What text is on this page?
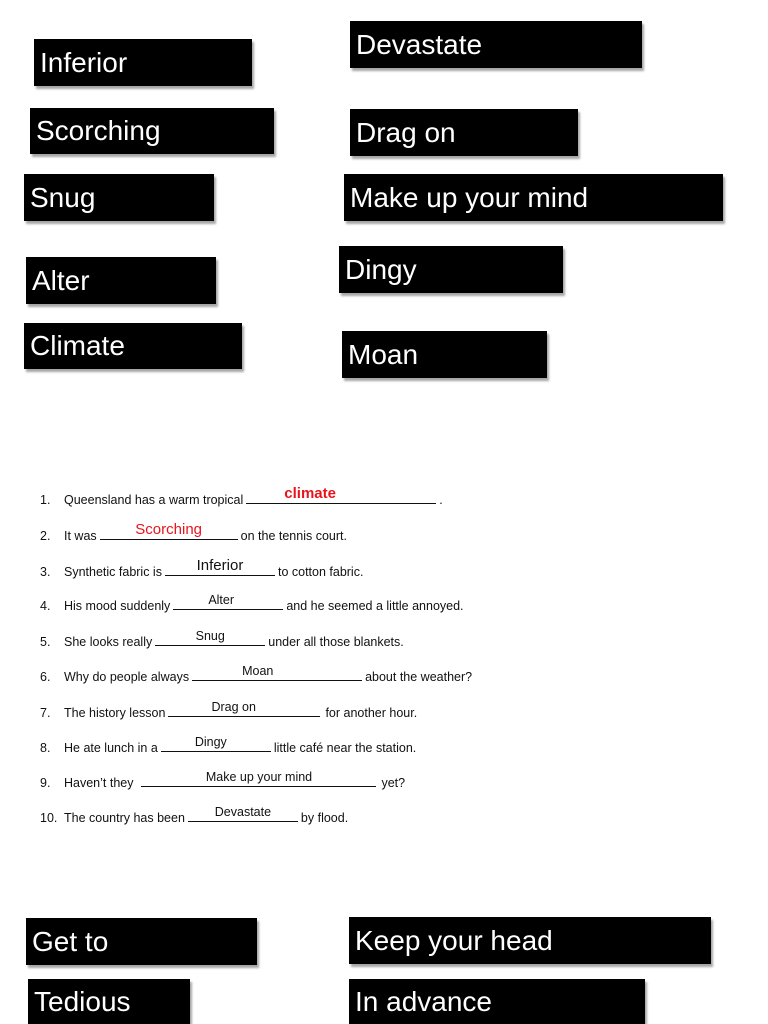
Inferior
Devastate
Scorching	Drag on
Snug	Make up your mind
Alter	Dingy
Climate	Moan
1. Queensland has a warm tropical	climate	.
2. It was	Scorching	on the tennis court.
3. Synthetic fabric is	Inferior	to cotton fabric.
4. His mood suddenly	Alter	and he seemed a little annoyed.
5. She looks really	Snug	under all those blankets.
6. Why do people always	Moan	about the weather?
7. The history lesson	Drag on	for another hour.
8. He ate lunch in a	Dingy	little café near the station.
9. Haven’t they	Make up your mind	yet?
10. The country has been	Devastate	by flood.
Get to	Keep your head
Tedious	In advance
